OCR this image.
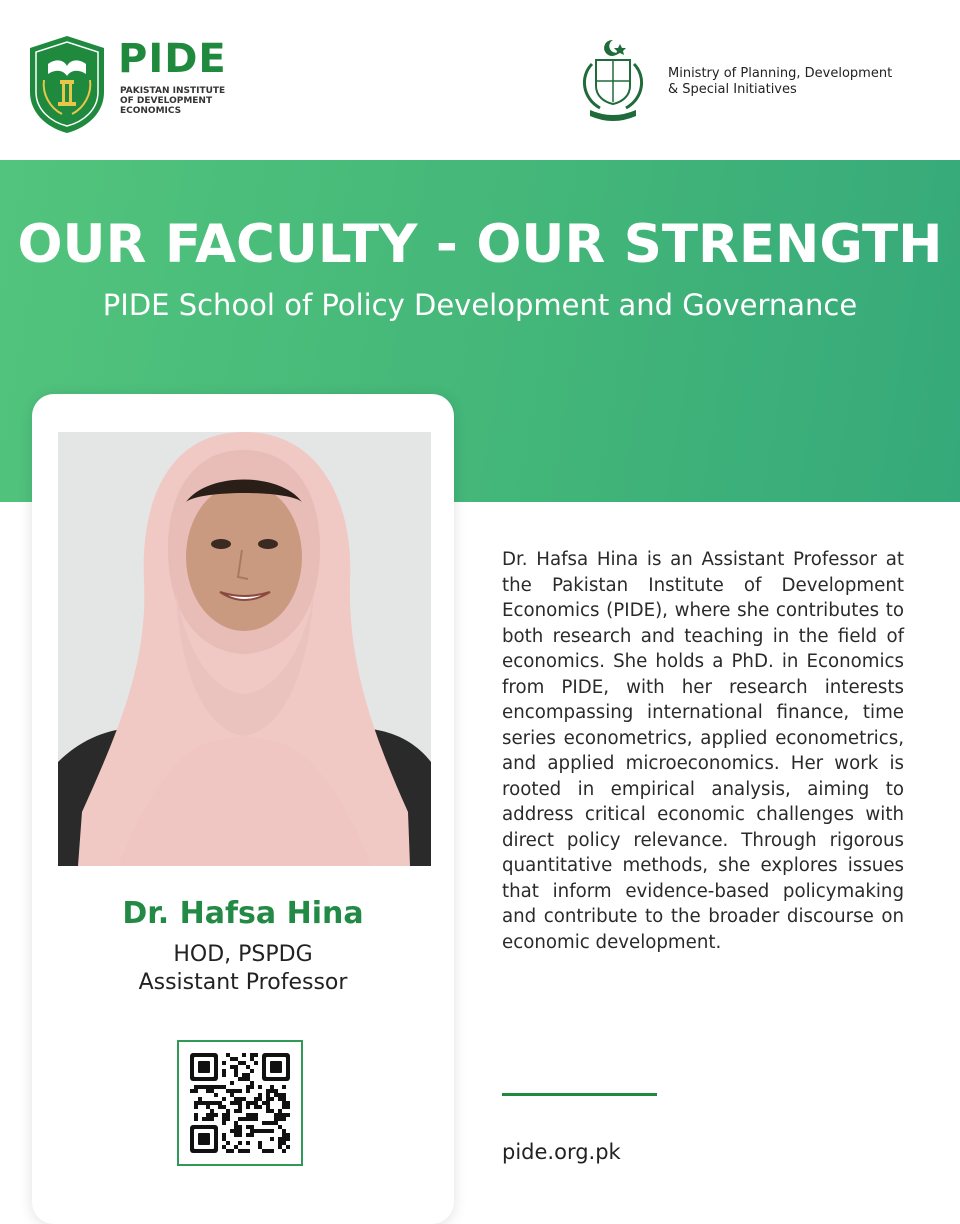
PIDE
PAKISTAN INSTITUTE
OF DEVELOPMENT
ECONOMICS
Ministry of Planning, Development
& Special Initiatives
OUR FACULTY - OUR STRENGTH
PIDE School of Policy Development and Governance
Dr. Hafsa Hina
HOD, PSPDG
Assistant Professor
Dr. Hafsa Hina is an Assistant Professor at the Pakistan Institute of Development Economics (PIDE), where she contributes to both research and teaching in the field of economics. She holds a PhD. in Economics from PIDE, with her research interests encompassing international finance, time series econometrics, applied econometrics, and applied microeconomics. Her work is rooted in empirical analysis, aiming to address critical economic challenges with direct policy relevance. Through rigorous quantitative methods, she explores issues that inform evidence-based policymaking and contribute to the broader discourse on economic development.
pide.org.pk
